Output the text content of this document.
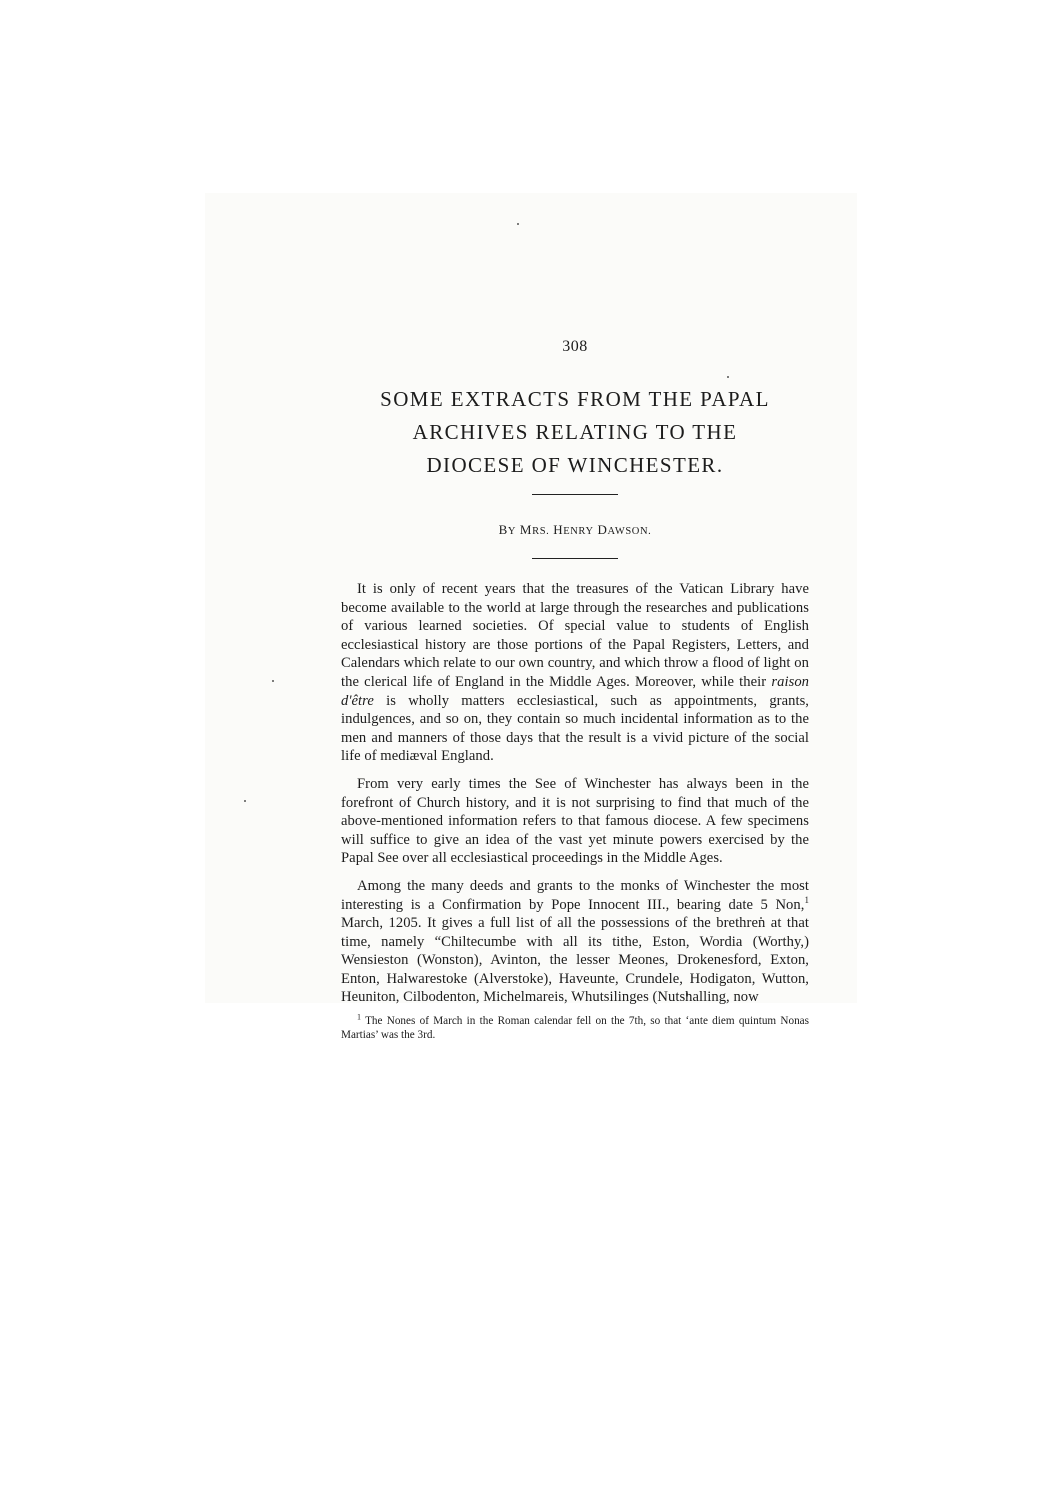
308
SOME EXTRACTS FROM THE PAPAL
ARCHIVES RELATING TO THE
DIOCESE OF WINCHESTER.
BY MRS. HENRY DAWSON.

It is only of recent years that the treasures of the Vatican Library have become available to the world at large through the researches and publications of various learned societies. Of special value to students of English ecclesiastical history are those portions of the Papal Registers, Letters, and Calendars which relate to our own country, and which throw a flood of light on the clerical life of England in the Middle Ages. Moreover, while their raison d'être is wholly matters ecclesiastical, such as appointments, grants, indulgences, and so on, they contain so much incidental information as to the men and manners of those days that the result is a vivid picture of the social life of mediæval England.

From very early times the See of Winchester has always been in the forefront of Church history, and it is not surprising to find that much of the above-mentioned information refers to that famous diocese. A few specimens will suffice to give an idea of the vast yet minute powers exercised by the Papal See over all ecclesiastical proceedings in the Middle Ages.

Among the many deeds and grants to the monks of Winchester the most interesting is a Confirmation by Pope Innocent III., bearing date 5 Non,$^1$ March, 1205. It gives a full list of all the possessions of the brethren at that time, namely “Chiltecumbe with all its tithe, Eston, Wordia (Worthy,) Wensieston (Wonston), Avinton, the lesser Meones, Drokenesford, Exton, Enton, Halwarestoke (Alverstoke), Haveunte, Crundele, Hodigaton, Wutton, Heuniton, Cilbodenton, Michelmareis, Whutsilinges (Nutshalling, now

$^1$ The Nones of March in the Roman calendar fell on the 7th, so that ‘ante diem quintum Nonas Martias’ was the 3rd.
